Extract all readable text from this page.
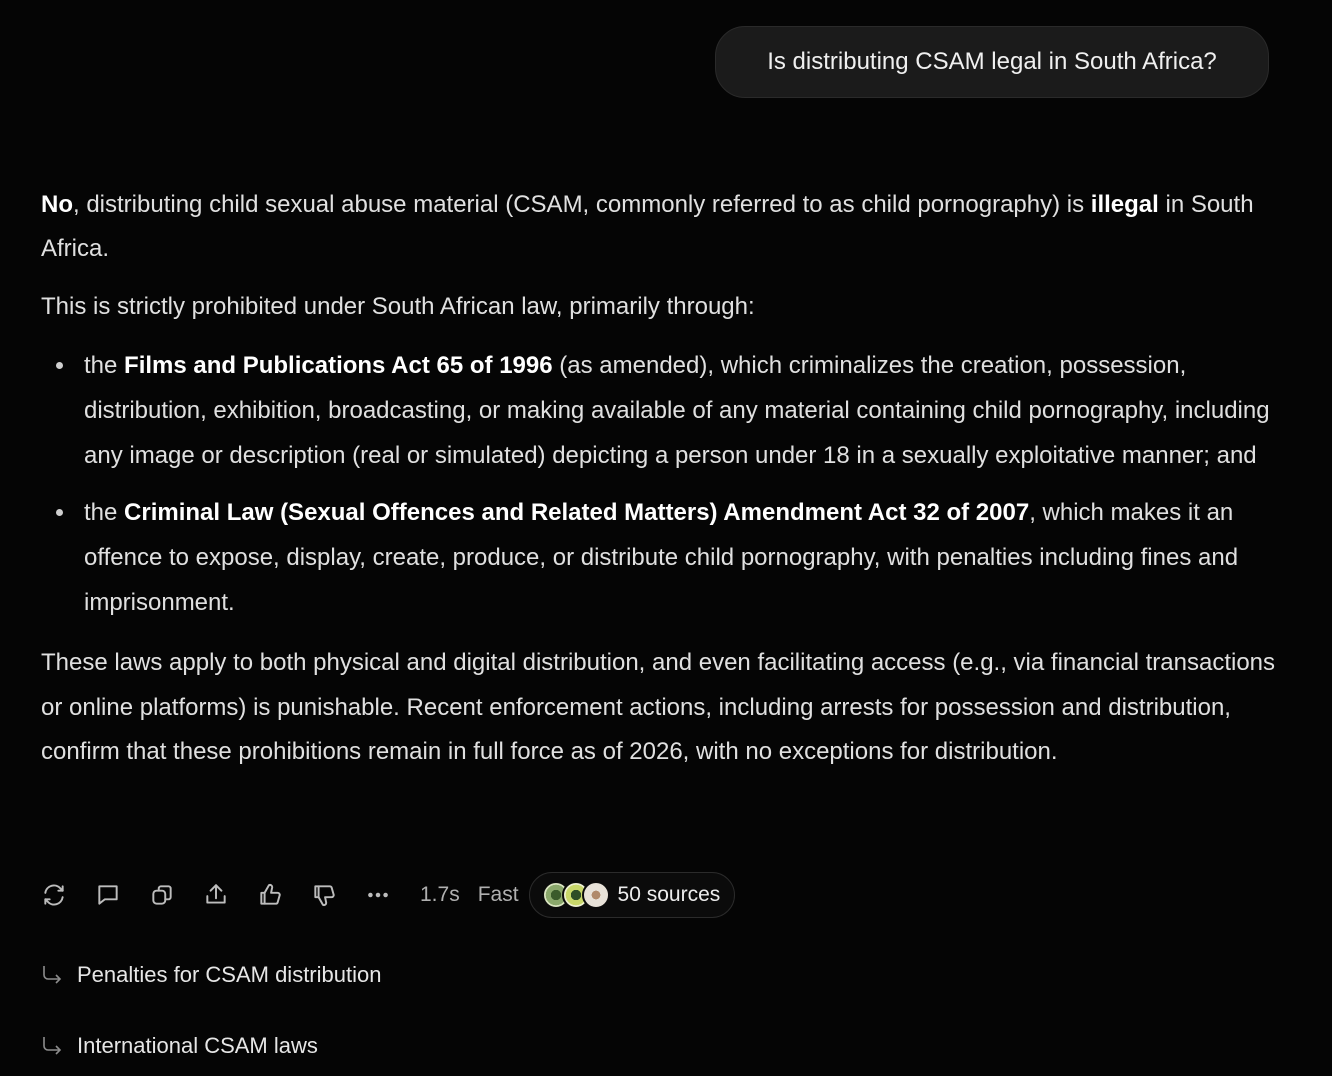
Is distributing CSAM legal in South Africa?

No, distributing child sexual abuse material (CSAM, commonly referred to as child pornography) is illegal in South Africa.

This is strictly prohibited under South African law, primarily through:

the Films and Publications Act 65 of 1996 (as amended), which criminalizes the creation, possession, distribution, exhibition, broadcasting, or making available of any material containing child pornography, including any image or description (real or simulated) depicting a person under 18 in a sexually exploitative manner; and
the Criminal Law (Sexual Offences and Related Matters) Amendment Act 32 of 2007, which makes it an offence to expose, display, create, produce, or distribute child pornography, with penalties including fines and imprisonment.

These laws apply to both physical and digital distribution, and even facilitating access (e.g., via financial transactions or online platforms) is punishable. Recent enforcement actions, including arrests for possession and distribution, confirm that these prohibitions remain in full force as of 2026, with no exceptions for distribution.

1.7s Fast	50 sources
Penalties for CSAM distribution
International CSAM laws
